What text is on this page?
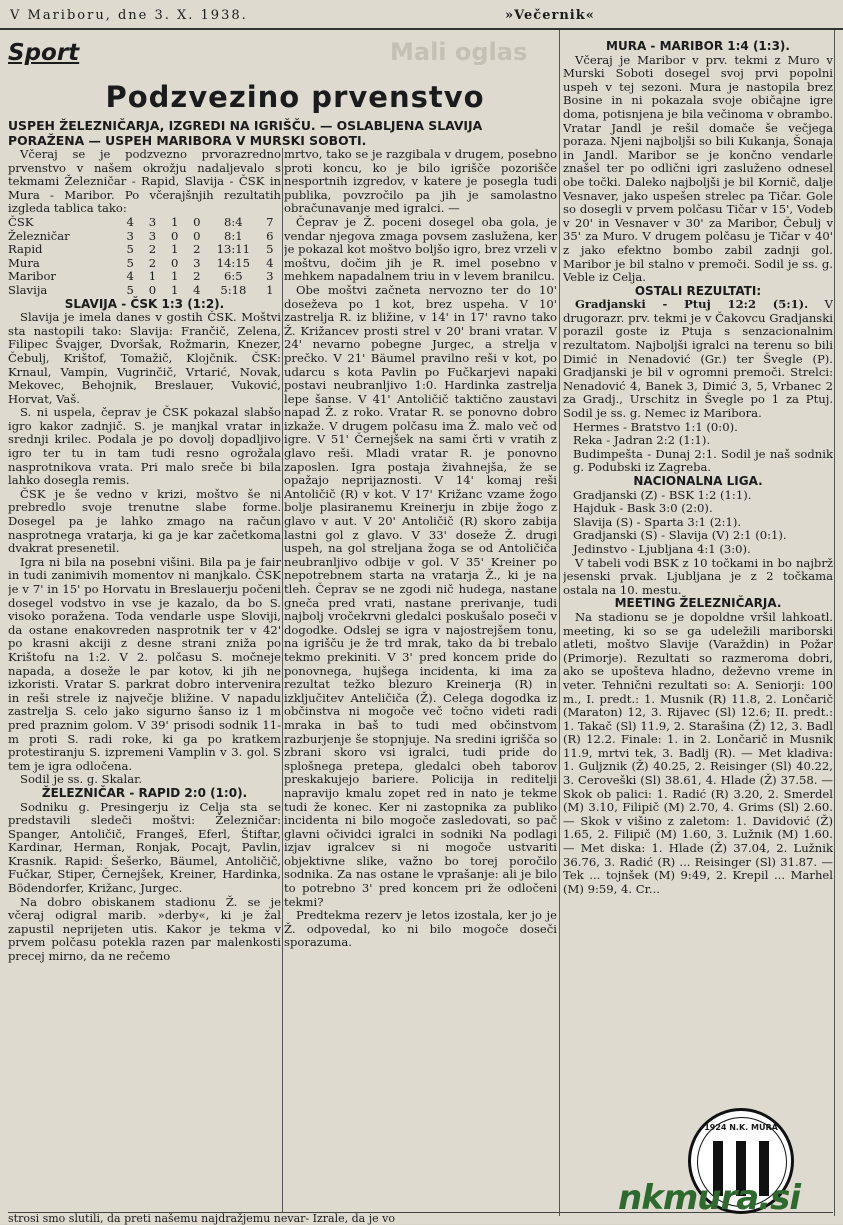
V Mariboru, dne 3. X. 1938.	»Večernik«
Sport	Mali oglas
Podzvezino prvenstvo
USPEH ŽELEZNIČARJA, IZGREDI NA IGRIŠČU. — OSLABLJENA SLAVIJA PORAŽENA — USPEH MARIBORA V MURSKI SOBOTI.

Včeraj se je podzvezno prvorazredno prvenstvo v našem okrožju nadaljevalo s tekmami Železničar - Rapid, Slavija - ČSK in Mura - Maribor. Po včerajšnjih rezultatih izgleda tablica tako:

ČSK	4	3	1	0	8:4	7
Železničar	3	3	0	0	8:1	6
Rapid	5	2	1	2	13:11	5
Mura	5	2	0	3	14:15	4
Maribor	4	1	1	2	6:5	3
Slavija	5	0	1	4	5:18	1

SLAVIJA - ČSK 1:3 (1:2).

Slavija je imela danes v gostih ČSK. Moštvi sta nastopili tako: Slavija: Frančič, Zelena, Filipec Švajger, Dvoršak, Rožmarin, Knezer, Čebulj, Krištof, Tomažič, Klojčnik. ČSK: Krnaul, Vampin, Vugrinčič, Vrtarić, Novak, Mekovec, Behojnik, Breslauer, Vuković, Horvat, Vaš.

S. ni uspela, čeprav je ČSK pokazal slabšo igro kakor zadnjič. S. je manjkal vratar in srednji krilec. Podala je po dovolj dopadljivo igro ter tu in tam tudi resno ogrožala nasprotnikova vrata. Pri malo sreče bi bila lahko dosegla remis.

ČSK je še vedno v krizi, moštvo še ni prebredlo svoje trenutne slabe forme. Dosegel pa je lahko zmago na račun nasprotnega vratarja, ki ga je kar začetkoma dvakrat presenetil.

Igra ni bila na posebni višini. Bila pa je fair in tudi zanimivih momentov ni manjkalo. ČSK je v 7' in 15' po Horvatu in Breslauerju počeni dosegel vodstvo in vse je kazalo, da bo S. visoko poražena. Toda vendarle uspe Sloviji, da ostane enakovreden nasprotnik ter v 42' po krasni akciji z desne strani zniža po Krištofu na 1:2. V 2. polčasu S. močneje napada, a doseže le par kotov, ki jih ne izkoristi. Vratar S. parkrat dobro intervenira in reši strele iz največje bližine. V napadu zastrelja S. celo jako sigurno šanso iz 1 m pred praznim golom. V 39' prisodi sodnik 11-m proti S. radi roke, ki ga po kratkem protestiranju S. izpremeni Vamplin v 3. gol. S tem je igra odločena.

Sodil je ss. g. Skalar.

ŽELEZNIČAR - RAPID 2:0 (1:0).

Sodniku g. Presingerju iz Celja sta se predstavili sledeči moštvi: Železničar: Spanger, Antoličič, Frangeš, Eferl, Štiftar, Kardinar, Herman, Ronjak, Pocajt, Pavlin, Krasnik. Rapid: Šešerko, Bäumel, Antoličič, Fučkar, Stiper, Černejšek, Kreiner, Hardinka, Bödendorfer, Križanc, Jurgec.

Na dobro obiskanem stadionu Ž. se je včeraj odigral marib. »derby«, ki je žal zapustil neprijeten utis. Kakor je tekma v prvem polčasu potekla razen par malenkosti precej mirno, da ne rečemo

mrtvo, tako se je razgibala v drugem, posebno proti koncu, ko je bilo igrišče pozorišče nesportnih izgredov, v katere je posegla tudi publika, povzročilo pa jih je samolastno obračunavanje med igralci. —

Čeprav je Ž. poceni dosegel oba gola, je vendar njegova zmaga povsem zaslužena, ker je pokazal kot moštvo boljšo igro, brez vrzeli v moštvu, dočim jih je R. imel posebno v mehkem napadalnem triu in v levem branilcu.

Obe moštvi začneta nervozno ter do 10' doseževa po 1 kot, brez uspeha. V 10' zastrelja R. iz bližine, v 14' in 17' ravno tako Ž. Križancev prosti strel v 20' brani vratar. V 24' nevarno pobegne Jurgec, a strelja v prečko. V 21' Bäumel pravilno reši v kot, po udarcu s kota Pavlin po Fučkarjevi napaki postavi neubranljivo 1:0. Hardinka zastrelja lepe šanse. V 41' Antoličič taktično zaustavi napad Ž. z roko. Vratar R. se ponovno dobro izkaže. V drugem polčasu ima Ž. malo več od igre. V 51' Černejšek na sami črti v vratih z glavo reši. Mladi vratar R. je ponovno zaposlen. Igra postaja živahnejša, že se opažajo neprijaznosti. V 14' komaj reši Antoličič (R) v kot. V 17' Križanc vzame žogo bolje plasiranemu Kreinerju in zbije žogo z glavo v aut. V 20' Antoličič (R) skoro zabija lastni gol z glavo. V 33' doseže Ž. drugi uspeh, na gol streljana žoga se od Antoličiča neubranljivo odbije v gol. V 35' Kreiner po nepotrebnem starta na vratarja Ž., ki je na tleh. Čeprav se ne zgodi nič hudega, nastane gneča pred vrati, nastane prerivanje, tudi najbolj vročekrvni gledalci poskušalo poseči v dogodke. Odslej se igra v najostrejšem tonu, na igrišču je že trd mrak, tako da bi trebalo tekmo prekiniti. V 3' pred koncem pride do ponovnega, hujšega incidenta, ki ima za rezultat težko blezuro Kreinerja (R) in izključitev Anteličiča (Ž). Celega dogodka iz občinstva ni mogoče več točno videti radi mraka in baš to tudi med občinstvom razburjenje še stopnjuje. Na sredini igrišča so zbrani skoro vsi igralci, tudi pride do splošnega pretepa, gledalci obeh taborov preskakujejo bariere. Policija in reditelji napravijo kmalu zopet red in nato je tekme tudi že konec. Ker ni zastopnika za publiko incidenta ni bilo mogoče zasledovati, so pač glavni očividci igralci in sodniki Na podlagi izjav igralcev si ni mogoče ustvariti objektivne slike, važno bo torej poročilo sodnika. Za nas ostane le vprašanje: ali je bilo to potrebno 3' pred koncem pri že odločeni tekmi?

Predtekma rezerv je letos izostala, ker jo je Ž. odpovedal, ko ni bilo mogoče doseči sporazuma.

MURA - MARIBOR 1:4 (1:3).

Včeraj je Maribor v prv. tekmi z Muro v Murski Soboti dosegel svoj prvi popolni uspeh v tej sezoni. Mura je nastopila brez Bosine in ni pokazala svoje običajne igre doma, potisnjena je bila večinoma v obrambo. Vratar Jandl je rešil domače še večjega poraza. Njeni najboljši so bili Kukanja, Šonaja in Jandl. Maribor se je končno vendarle znašel ter po odlični igri zasluženo odnesel obe točki. Daleko najboljši je bil Kornič, dalje Vesnaver, jako uspešen strelec pa Tičar. Gole so dosegli v prvem polčasu Tičar v 15', Vodeb v 20' in Vesnaver v 30' za Maribor, Čebulj v 35' za Muro. V drugem polčasu je Tičar v 40' z jako efektno bombo zabil zadnji gol. Maribor je bil stalno v premoči. Sodil je ss. g. Veble iz Celja.

OSTALI REZULTATI:

Gradjanski - Ptuj 12:2 (5:1). V drugorazr. prv. tekmi je v Čakovcu Gradjanski porazil goste iz Ptuja s senzacionalnim rezultatom. Najboljši igralci na terenu so bili Dimić in Nenadović (Gr.) ter Švegle (P). Gradjanski je bil v ogromni premoči. Strelci: Nenadović 4, Banek 3, Dimić 3, 5, Vrbanec 2 za Gradj., Urschitz in Švegle po 1 za Ptuj. Sodil je ss. g. Nemec iz Maribora.

Hermes - Bratstvo 1:1 (0:0).

Reka - Jadran 2:2 (1:1).

Budimpešta - Dunaj 2:1. Sodil je naš sodnik g. Podubski iz Zagreba.

NACIONALNA LIGA.

Gradjanski (Z) - BSK 1:2 (1:1).

Hajduk - Bask 3:0 (2:0).

Slavija (S) - Sparta 3:1 (2:1).

Gradjanski (S) - Slavija (V) 2:1 (0:1).

Jedinstvo - Ljubljana 4:1 (3:0).

V tabeli vodi BSK z 10 točkami in bo najbrž jesenski prvak. Ljubljana je z 2 točkama ostala na 10. mestu.

MEETING ŽELEZNIČARJA.

Na stadionu se je dopoldne vršil lahkoatl. meeting, ki so se ga udeležili mariborski atleti, moštvo Slavije (Varaždin) in Požar (Primorje). Rezultati so razmeroma dobri, ako se upošteva hladno, deževno vreme in veter. Tehnični rezultati so: A. Seniorji: 100 m., I. predt.: 1. Musnik (R) 11.8, 2. Lončarič (Maraton) 12, 3. Rijavec (Sl) 12.6; II. predt.: 1. Takač (Sl) 11.9, 2. Starašina (Ž) 12, 3. Badl (R) 12.2. Finale: 1. in 2. Lončarič in Musnik 11.9, mrtvi tek, 3. Badlj (R). — Met kladiva: 1. Guljznik (Ž) 40.25, 2. Reisinger (Sl) 40.22, 3. Ceroveški (Sl) 38.61, 4. Hlade (Ž) 37.58. — Skok ob palici: 1. Radić (R) 3.20, 2. Smerdel (M) 3.10, Filipič (M) 2.70, 4. Grims (Sl) 2.60. — Skok v višino z zaletom: 1. Davidović (Ž) 1.65, 2. Filipič (M) 1.60, 3. Lužnik (M) 1.60. — Met diska: 1. Hlade (Ž) 37.04, 2. Lužnik 36.76, 3. Radić (R) ... Reisinger (Sl) 31.87. — Tek ... tojnšek (M) 9:49, 2. Krepil ... Marhel (M) 9:59, 4. Cr...

strosi smo slutili, da preti našemu najdražjemu nevar- Izrale, da je vo
1924 N.K. MURA
nkmura.si
